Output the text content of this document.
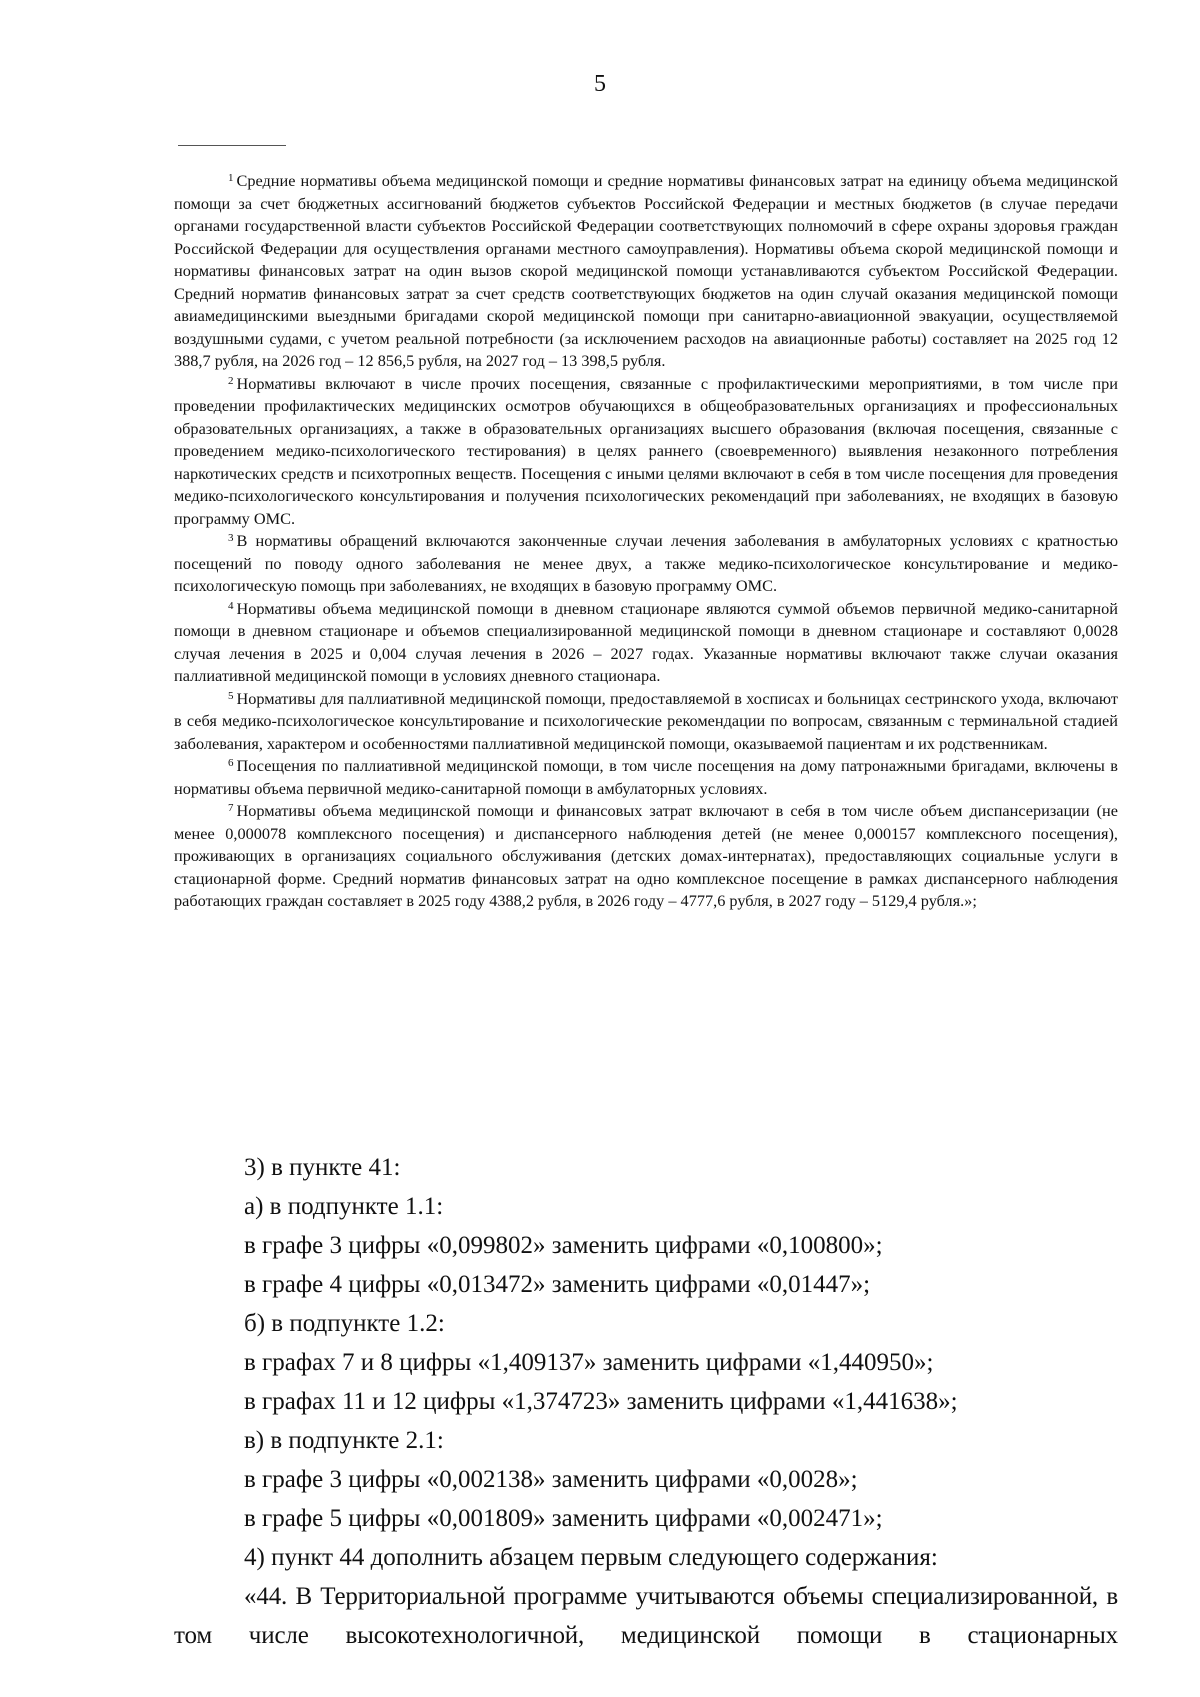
5

$^1$ Средние нормативы объема медицинской помощи и средние нормативы финансовых затрат на единицу объема медицинской помощи за счет бюджетных ассигнований бюджетов субъектов Российской Федерации и местных бюджетов (в случае передачи органами государственной власти субъектов Российской Федерации соответствующих полномочий в сфере охраны здоровья граждан Российской Федерации для осуществления органами местного самоуправления). Нормативы объема скорой медицинской помощи и нормативы финансовых затрат на один вызов скорой медицинской помощи устанавливаются субъектом Российской Федерации. Средний норматив финансовых затрат за счет средств соответствующих бюджетов на один случай оказания медицинской помощи авиамедицинскими выездными бригадами скорой медицинской помощи при санитарно-авиационной эвакуации, осуществляемой воздушными судами, с учетом реальной потребности (за исключением расходов на авиационные работы) составляет на 2025 год 12 388,7 рубля, на 2026 год – 12 856,5 рубля, на 2027 год – 13 398,5 рубля.

$^2$ Нормативы включают в числе прочих посещения, связанные с профилактическими мероприятиями, в том числе при проведении профилактических медицинских осмотров обучающихся в общеобразовательных организациях и профессиональных образовательных организациях, а также в образовательных организациях высшего образования (включая посещения, связанные с проведением медико-психологического тестирования) в целях раннего (своевременного) выявления незаконного потребления наркотических средств и психотропных веществ. Посещения с иными целями включают в себя в том числе посещения для проведения медико-психологического консультирования и получения психологических рекомендаций при заболеваниях, не входящих в базовую программу ОМС.

$^3$ В нормативы обращений включаются законченные случаи лечения заболевания в амбулаторных условиях с кратностью посещений по поводу одного заболевания не менее двух, а также медико-психологическое консультирование и медико-психологическую помощь при заболеваниях, не входящих в базовую программу ОМС.

$^4$ Нормативы объема медицинской помощи в дневном стационаре являются суммой объемов первичной медико-санитарной помощи в дневном стационаре и объемов специализированной медицинской помощи в дневном стационаре и составляют 0,0028 случая лечения в 2025 и 0,004 случая лечения в 2026 – 2027 годах. Указанные нормативы включают также случаи оказания паллиативной медицинской помощи в условиях дневного стационара.

$^5$ Нормативы для паллиативной медицинской помощи, предоставляемой в хосписах и больницах сестринского ухода, включают в себя медико-психологическое консультирование и психологические рекомендации по вопросам, связанным с терминальной стадией заболевания, характером и особенностями паллиативной медицинской помощи, оказываемой пациентам и их родственникам.

$^6$ Посещения по паллиативной медицинской помощи, в том числе посещения на дому патронажными бригадами, включены в нормативы объема первичной медико-санитарной помощи в амбулаторных условиях.

$^7$ Нормативы объема медицинской помощи и финансовых затрат включают в себя в том числе объем диспансеризации (не менее 0,000078 комплексного посещения) и диспансерного наблюдения детей (не менее 0,000157 комплексного посещения), проживающих в организациях социального обслуживания (детских домах-интернатах), предоставляющих социальные услуги в стационарной форме. Средний норматив финансовых затрат на одно комплексное посещение в рамках диспансерного наблюдения работающих граждан составляет в 2025 году 4388,2 рубля, в 2026 году – 4777,6 рубля, в 2027 году – 5129,4 рубля.»;

3) в пункте 41:

а) в подпункте 1.1:

в графе 3 цифры «0,099802» заменить цифрами «0,100800»;

в графе 4 цифры «0,013472» заменить цифрами «0,01447»;

б) в подпункте 1.2:

в графах 7 и 8 цифры «1,409137» заменить цифрами «1,440950»;

в графах 11 и 12 цифры «1,374723» заменить цифрами «1,441638»;

в) в подпункте 2.1:

в графе 3 цифры «0,002138» заменить цифрами «0,0028»;

в графе 5 цифры «0,001809» заменить цифрами «0,002471»;

4) пункт 44 дополнить абзацем первым следующего содержания:

«44. В Территориальной программе учитываются объемы специализированной, в том числе высокотехнологичной, медицинской помощи в стационарных
